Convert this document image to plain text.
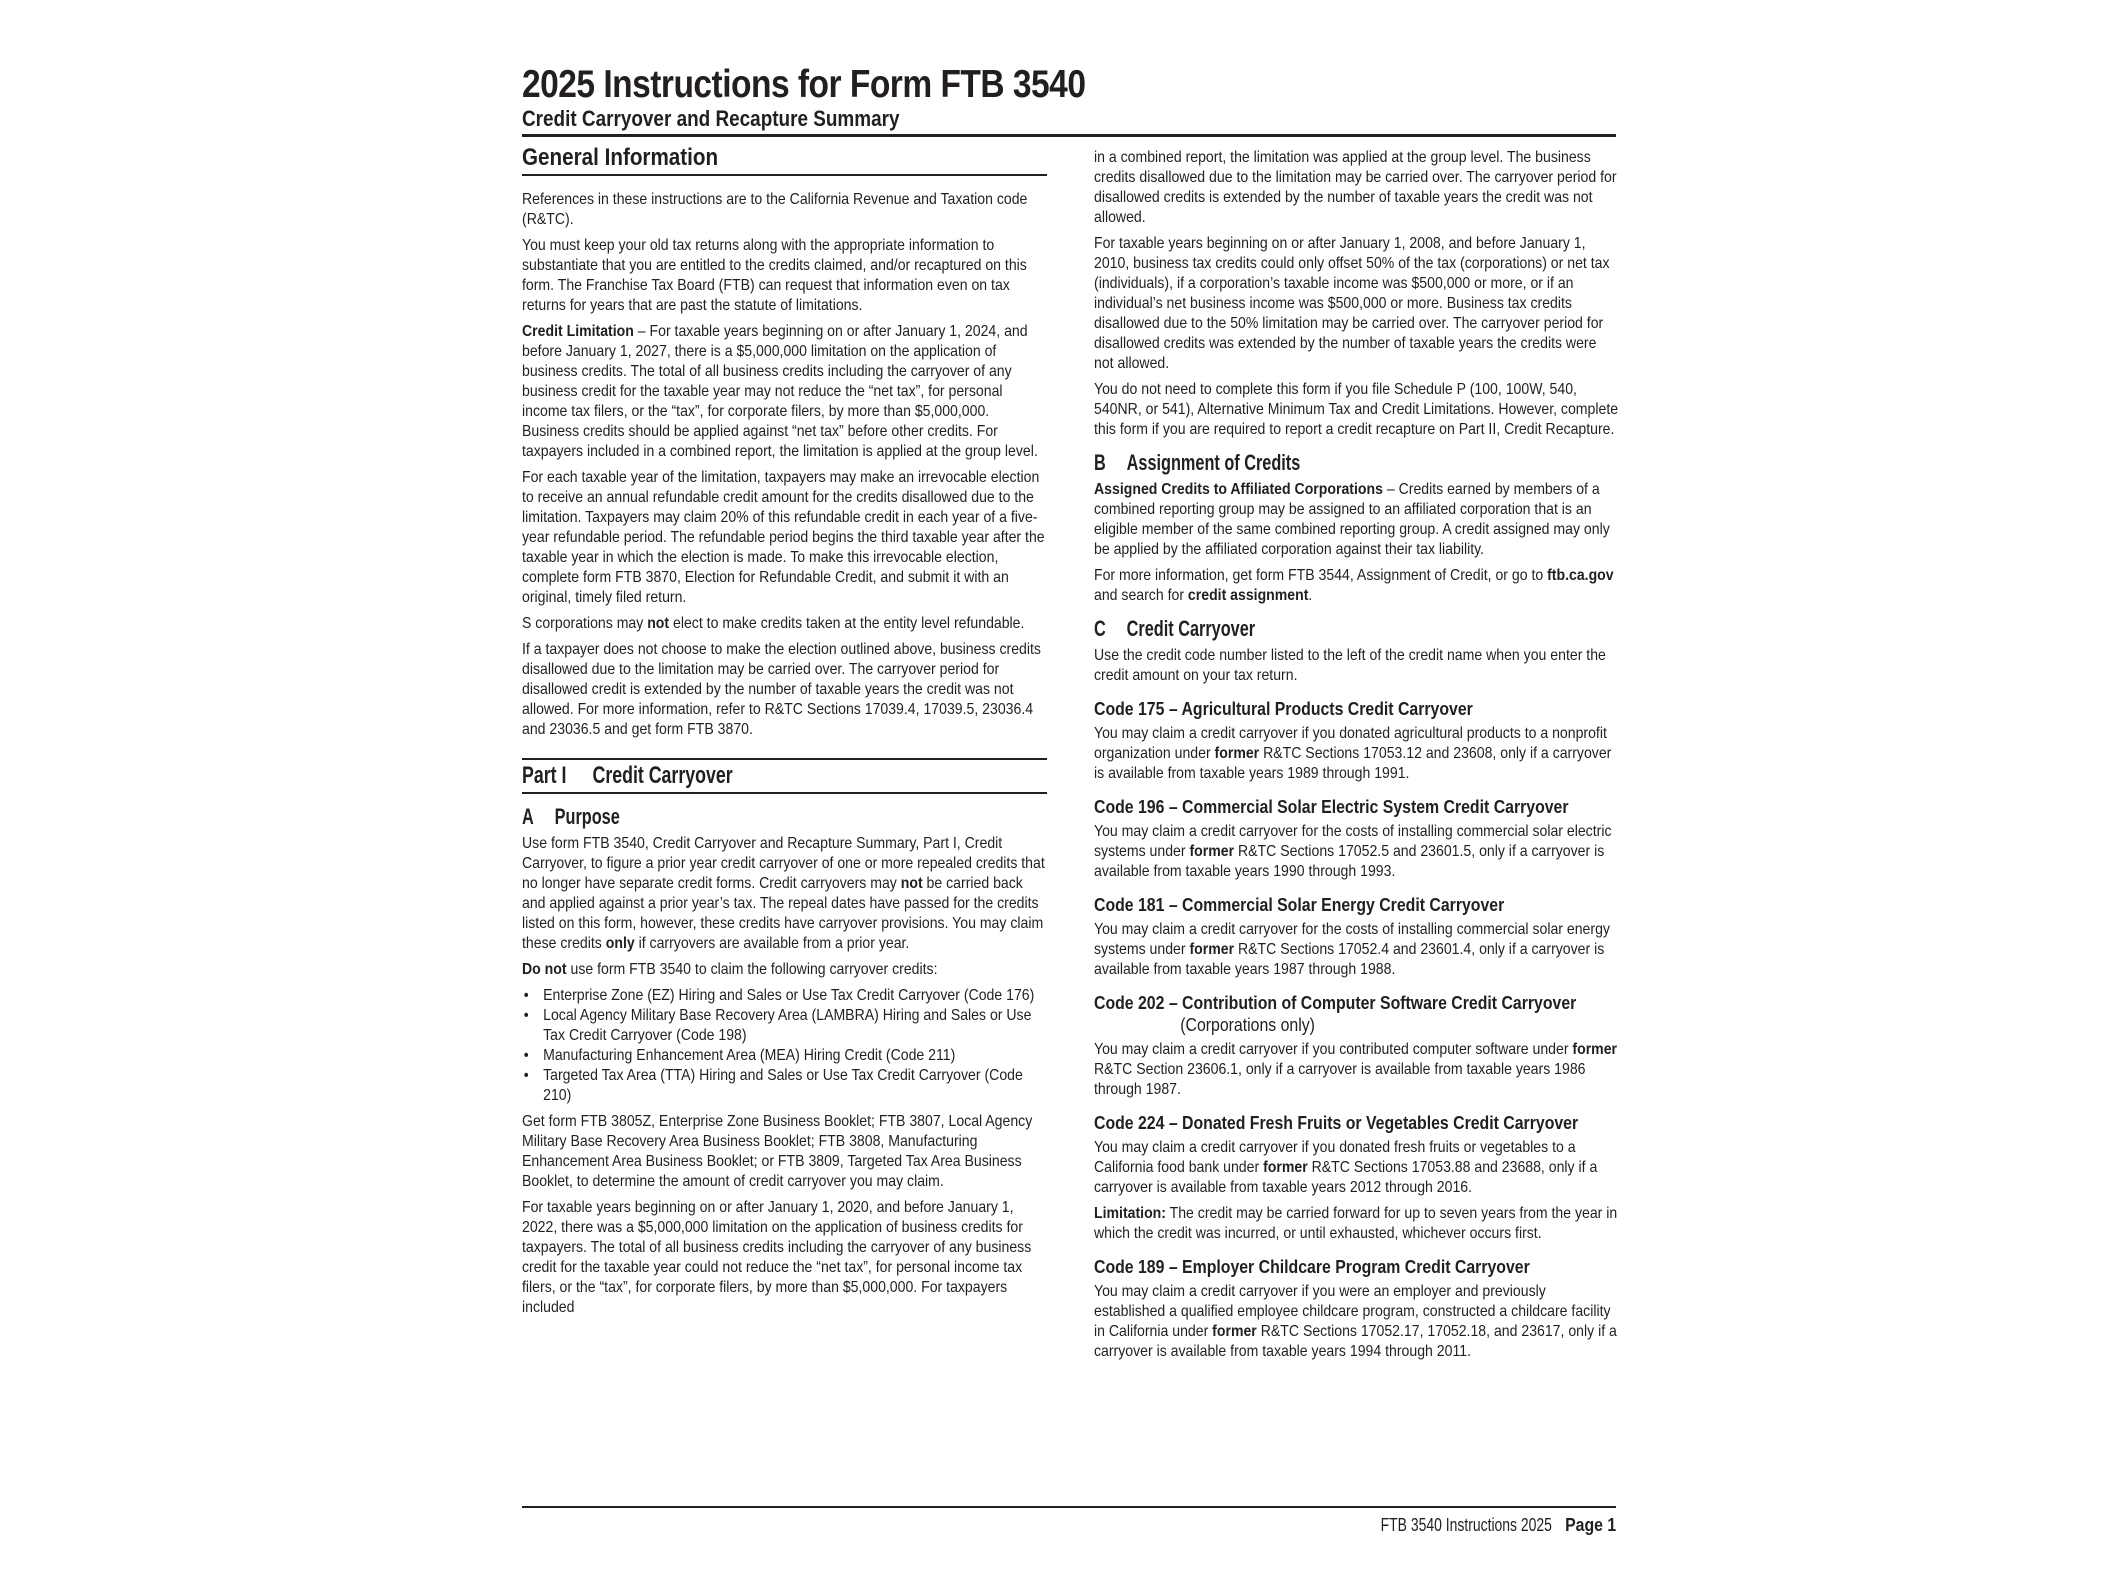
2025 Instructions for Form FTB 3540
Credit Carryover and Recapture Summary
General Information

References in these instructions are to the California Revenue and Taxation code (R&TC).

You must keep your old tax returns along with the appropriate information to substantiate that you are entitled to the credits claimed, and/or recaptured on this form. The Franchise Tax Board (FTB) can request that information even on tax returns for years that are past the statute of limitations.

Credit Limitation – For taxable years beginning on or after January 1, 2024, and before January 1, 2027, there is a $5,000,000 limitation on the application of business credits. The total of all business credits including the carryover of any business credit for the taxable year may not reduce the “net tax”, for personal income tax filers, or the “tax”, for corporate filers, by more than $5,000,000. Business credits should be applied against “net tax” before other credits. For taxpayers included in a combined report, the limitation is applied at the group level.

For each taxable year of the limitation, taxpayers may make an irrevocable election to receive an annual refundable credit amount for the credits disallowed due to the limitation. Taxpayers may claim 20% of this refundable credit in each year of a five-year refundable period. The refundable period begins the third taxable year after the taxable year in which the election is made. To make this irrevocable election, complete form FTB 3870, Election for Refundable Credit, and submit it with an original, timely filed return.

S corporations may not elect to make credits taken at the entity level refundable.

If a taxpayer does not choose to make the election outlined above, business credits disallowed due to the limitation may be carried over. The carryover period for disallowed credit is extended by the number of taxable years the credit was not allowed. For more information, refer to R&TC Sections 17039.4, 17039.5, 23036.4 and 23036.5 and get form FTB 3870.

Part I Credit Carryover
A Purpose

Use form FTB 3540, Credit Carryover and Recapture Summary, Part I, Credit Carryover, to figure a prior year credit carryover of one or more repealed credits that no longer have separate credit forms. Credit carryovers may not be carried back and applied against a prior year’s tax. The repeal dates have passed for the credits listed on this form, however, these credits have carryover provisions. You may claim these credits only if carryovers are available from a prior year.

Do not use form FTB 3540 to claim the following carryover credits:

• Enterprise Zone (EZ) Hiring and Sales or Use Tax Credit Carryover (Code 176)
• Local Agency Military Base Recovery Area (LAMBRA) Hiring and Sales or Use Tax Credit Carryover (Code 198)
• Manufacturing Enhancement Area (MEA) Hiring Credit (Code 211)
• Targeted Tax Area (TTA) Hiring and Sales or Use Tax Credit Carryover (Code 210)

Get form FTB 3805Z, Enterprise Zone Business Booklet; FTB 3807, Local Agency Military Base Recovery Area Business Booklet; FTB 3808, Manufacturing Enhancement Area Business Booklet; or FTB 3809, Targeted Tax Area Business Booklet, to determine the amount of credit carryover you may claim.

For taxable years beginning on or after January 1, 2020, and before January 1, 2022, there was a $5,000,000 limitation on the application of business credits for taxpayers. The total of all business credits including the carryover of any business credit for the taxable year could not reduce the “net tax”, for personal income tax filers, or the “tax”, for corporate filers, by more than $5,000,000. For taxpayers included

in a combined report, the limitation was applied at the group level. The business credits disallowed due to the limitation may be carried over. The carryover period for disallowed credits is extended by the number of taxable years the credit was not allowed.

For taxable years beginning on or after January 1, 2008, and before January 1, 2010, business tax credits could only offset 50% of the tax (corporations) or net tax (individuals), if a corporation’s taxable income was $500,000 or more, or if an individual’s net business income was $500,000 or more. Business tax credits disallowed due to the 50% limitation may be carried over. The carryover period for disallowed credits was extended by the number of taxable years the credits were not allowed.

You do not need to complete this form if you file Schedule P (100, 100W, 540, 540NR, or 541), Alternative Minimum Tax and Credit Limitations. However, complete this form if you are required to report a credit recapture on Part II, Credit Recapture.

B Assignment of Credits

Assigned Credits to Affiliated Corporations – Credits earned by members of a combined reporting group may be assigned to an affiliated corporation that is an eligible member of the same combined reporting group. A credit assigned may only be applied by the affiliated corporation against their tax liability.

For more information, get form FTB 3544, Assignment of Credit, or go to ftb.ca.gov and search for credit assignment.

C Credit Carryover

Use the credit code number listed to the left of the credit name when you enter the credit amount on your tax return.

Code 175 – Agricultural Products Credit Carryover

You may claim a credit carryover if you donated agricultural products to a nonprofit organization under former R&TC Sections 17053.12 and 23608, only if a carryover is available from taxable years 1989 through 1991.

Code 196 – Commercial Solar Electric System Credit Carryover

You may claim a credit carryover for the costs of installing commercial solar electric systems under former R&TC Sections 17052.5 and 23601.5, only if a carryover is available from taxable years 1990 through 1993.

Code 181 – Commercial Solar Energy Credit Carryover

You may claim a credit carryover for the costs of installing commercial solar energy systems under former R&TC Sections 17052.4 and 23601.4, only if a carryover is available from taxable years 1987 through 1988.

Code 202 – Contribution of Computer Software Credit Carryover
(Corporations only)

You may claim a credit carryover if you contributed computer software under former R&TC Section 23606.1, only if a carryover is available from taxable years 1986 through 1987.

Code 224 – Donated Fresh Fruits or Vegetables Credit Carryover

You may claim a credit carryover if you donated fresh fruits or vegetables to a California food bank under former R&TC Sections 17053.88 and 23688, only if a carryover is available from taxable years 2012 through 2016.

Limitation: The credit may be carried forward for up to seven years from the year in which the credit was incurred, or until exhausted, whichever occurs first.

Code 189 – Employer Childcare Program Credit Carryover

You may claim a credit carryover if you were an employer and previously established a qualified employee childcare program, constructed a childcare facility in California under former R&TC Sections 17052.17, 17052.18, and 23617, only if a carryover is available from taxable years 1994 through 2011.

FTB 3540 Instructions 2025 Page 1
